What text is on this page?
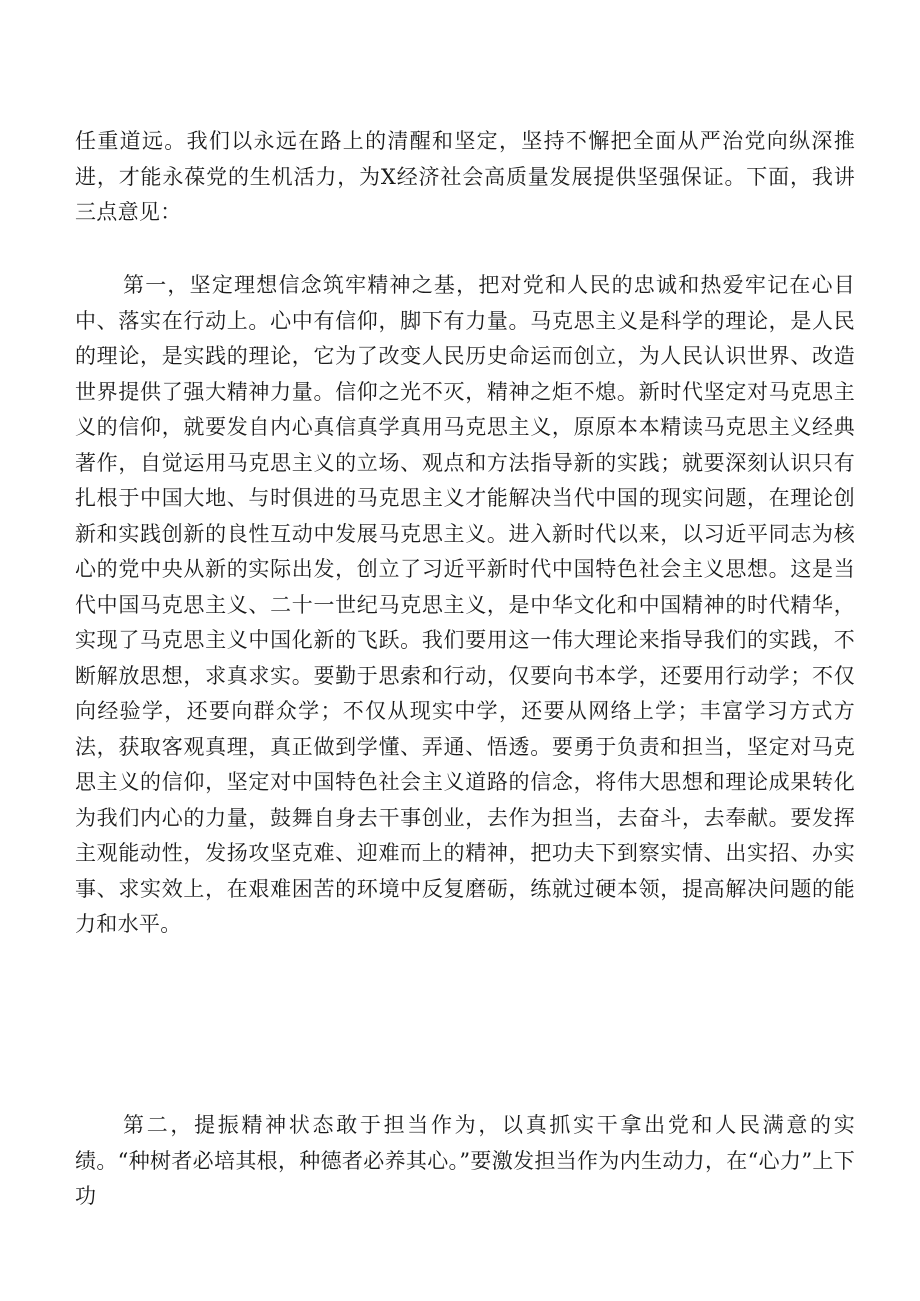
任重道远。我们以永远在路上的清醒和坚定，坚持不懈把全面从严治党向纵深推进，才能永葆党的生机活力，为X经济社会高质量发展提供坚强保证。下面，我讲三点意见：

第一，坚定理想信念筑牢精神之基，把对党和人民的忠诚和热爱牢记在心目中、落实在行动上。心中有信仰，脚下有力量。马克思主义是科学的理论，是人民的理论，是实践的理论，它为了改变人民历史命运而创立，为人民认识世界、改造世界提供了强大精神力量。信仰之光不灭，精神之炬不熄。新时代坚定对马克思主义的信仰，就要发自内心真信真学真用马克思主义，原原本本精读马克思主义经典著作，自觉运用马克思主义的立场、观点和方法指导新的实践；就要深刻认识只有扎根于中国大地、与时俱进的马克思主义才能解决当代中国的现实问题，在理论创新和实践创新的良性互动中发展马克思主义。进入新时代以来，以习近平同志为核心的党中央从新的实际出发，创立了习近平新时代中国特色社会主义思想。这是当代中国马克思主义、二十一世纪马克思主义，是中华文化和中国精神的时代精华，实现了马克思主义中国化新的飞跃。我们要用这一伟大理论来指导我们的实践，不断解放思想，求真求实。要勤于思索和行动，仅要向书本学，还要用行动学；不仅向经验学，还要向群众学；不仅从现实中学，还要从网络上学；丰富学习方式方法，获取客观真理，真正做到学懂、弄通、悟透。要勇于负责和担当，坚定对马克思主义的信仰，坚定对中国特色社会主义道路的信念，将伟大思想和理论成果转化为我们内心的力量，鼓舞自身去干事创业，去作为担当，去奋斗，去奉献。要发挥主观能动性，发扬攻坚克难、迎难而上的精神，把功夫下到察实情、出实招、办实事、求实效上，在艰难困苦的环境中反复磨砺，练就过硬本领，提高解决问题的能力和水平。

第二，提振精神状态敢于担当作为，以真抓实干拿出党和人民满意的实绩。“种树者必培其根，种德者必养其心。”要激发担当作为内生动力，在“心力”上下功
